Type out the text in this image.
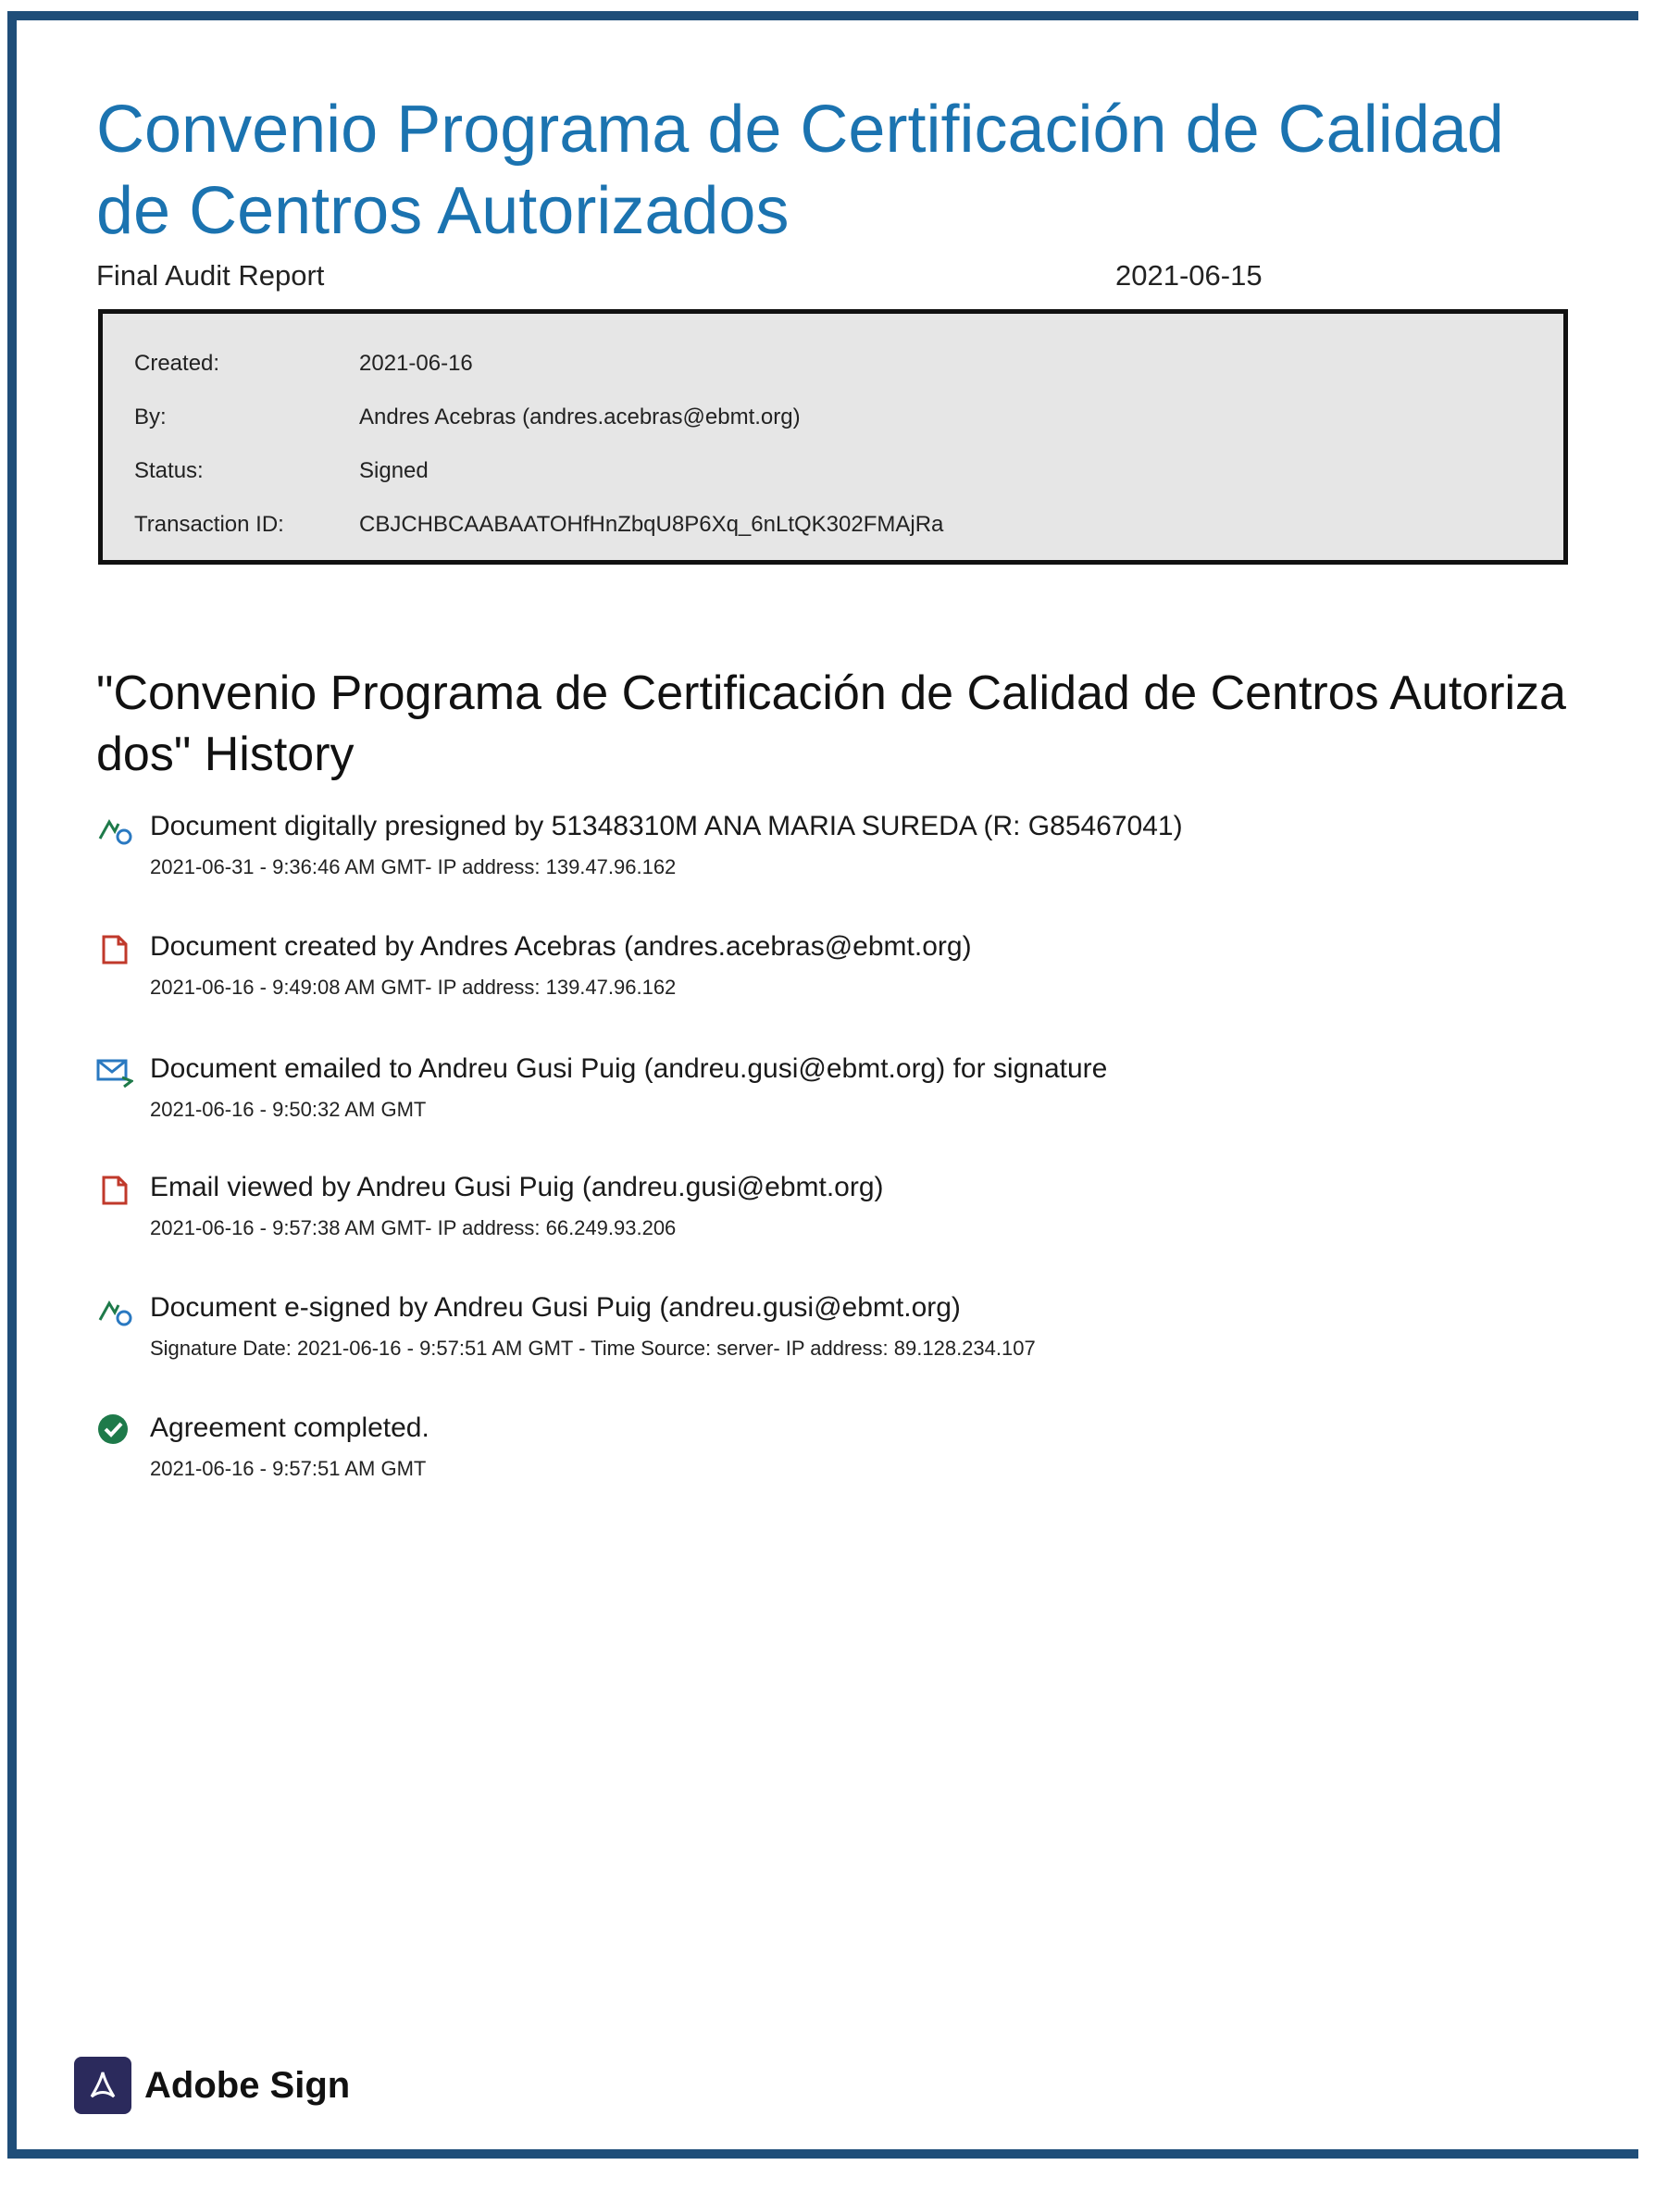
Convenio Programa de Certificación de Calidad de Centros Autorizados
Final Audit Report	2021-06-15
Created:	2021-06-16
By:	Andres Acebras (andres.acebras@ebmt.org)
Status:	Signed
Transaction ID:	CBJCHBCAABAATOHfHnZbqU8P6Xq_6nLtQK302FMAjRa
"Convenio Programa de Certificación de Calidad de Centros Autorizados" History
Document digitally presigned by 51348310M ANA MARIA SUREDA (R: G85467041)
2021-06-31 - 9:36:46 AM GMT- IP address: 139.47.96.162
Document created by Andres Acebras (andres.acebras@ebmt.org)
2021-06-16 - 9:49:08 AM GMT- IP address: 139.47.96.162
Document emailed to Andreu Gusi Puig (andreu.gusi@ebmt.org) for signature
2021-06-16 - 9:50:32 AM GMT
Email viewed by Andreu Gusi Puig (andreu.gusi@ebmt.org)
2021-06-16 - 9:57:38 AM GMT- IP address: 66.249.93.206
Document e-signed by Andreu Gusi Puig (andreu.gusi@ebmt.org)
Signature Date: 2021-06-16 - 9:57:51 AM GMT - Time Source: server- IP address: 89.128.234.107
Agreement completed.
2021-06-16 - 9:57:51 AM GMT
Adobe Sign
